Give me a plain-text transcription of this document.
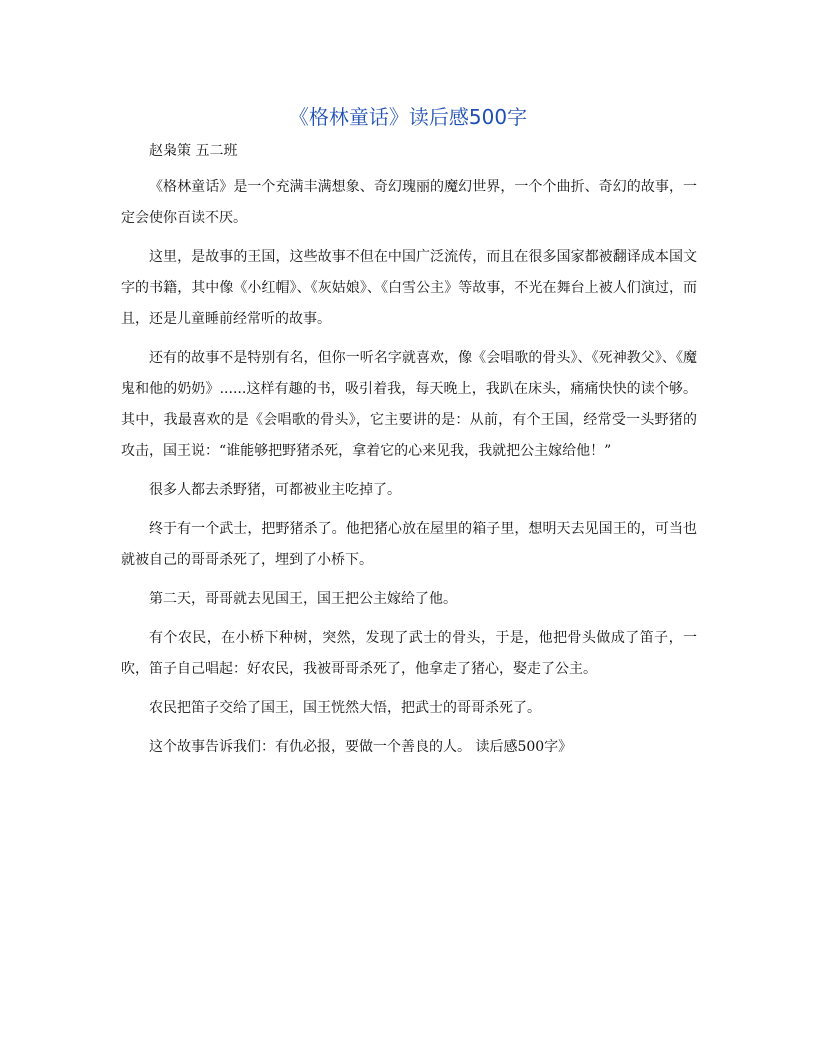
《格林童话》读后感500字
赵枭策 五二班

《格林童话》是一个充满丰满想象、奇幻瑰丽的魔幻世界，一个个曲折、奇幻的故事，一定会使你百读不厌。

这里，是故事的王国，这些故事不但在中国广泛流传，而且在很多国家都被翻译成本国文字的书籍，其中像《小红帽》、《灰姑娘》、《白雪公主》等故事，不光在舞台上被人们演过，而且，还是儿童睡前经常听的故事。

还有的故事不是特别有名，但你一听名字就喜欢，像《会唱歌的骨头》、《死神教父》、《魔鬼和他的奶奶》......这样有趣的书，吸引着我，每天晚上，我趴在床头，痛痛快快的读个够。其中，我最喜欢的是《会唱歌的骨头》，它主要讲的是：从前，有个王国，经常受一头野猪的攻击，国王说：“谁能够把野猪杀死，拿着它的心来见我，我就把公主嫁给他！”

很多人都去杀野猪，可都被业主吃掉了。

终于有一个武士，把野猪杀了。他把猪心放在屋里的箱子里，想明天去见国王的，可当也就被自己的哥哥杀死了，埋到了小桥下。

第二天，哥哥就去见国王，国王把公主嫁给了他。

有个农民，在小桥下种树，突然，发现了武士的骨头，于是，他把骨头做成了笛子，一吹，笛子自己唱起：好农民，我被哥哥杀死了，他拿走了猪心，娶走了公主。

农民把笛子交给了国王，国王恍然大悟，把武士的哥哥杀死了。

这个故事告诉我们：有仇必报，要做一个善良的人。 读后感500字》
